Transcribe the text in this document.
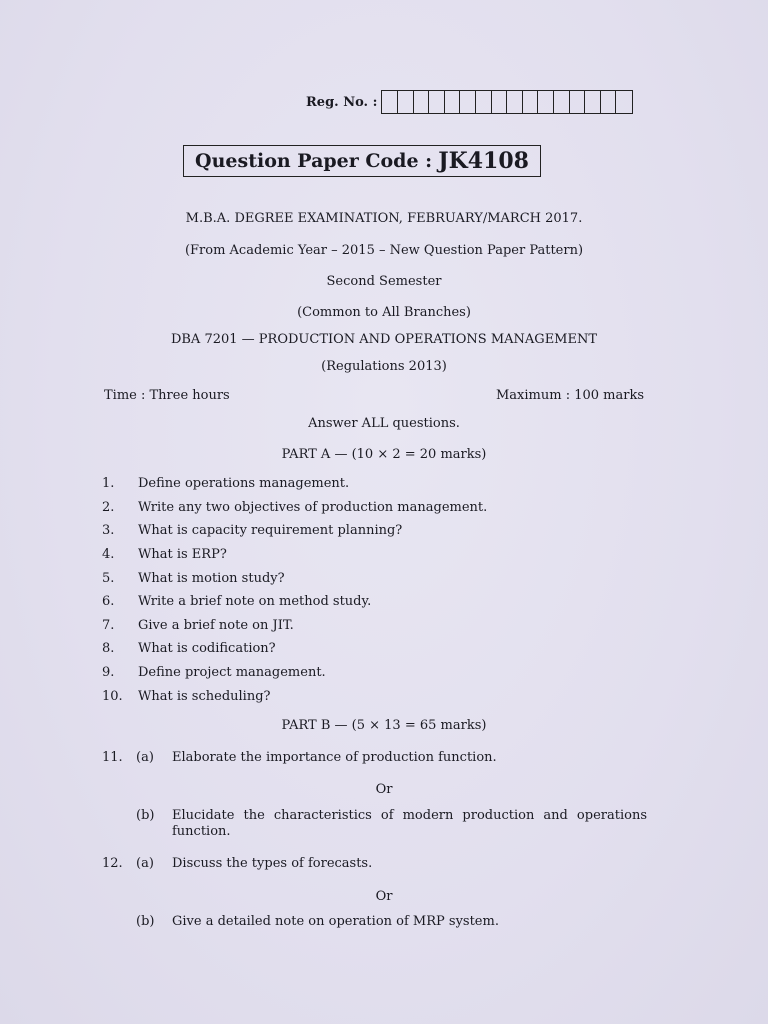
Reg. No. :
Question Paper Code : JK4108
M.B.A. DEGREE EXAMINATION, FEBRUARY/MARCH 2017.
(From Academic Year – 2015 – New Question Paper Pattern)
Second Semester
(Common to All Branches)
DBA 7201 — PRODUCTION AND OPERATIONS MANAGEMENT
(Regulations 2013)
Time : Three hours	Maximum : 100 marks
Answer ALL questions.
PART A — (10 × 2 = 20 marks)
1.	Define operations management.
2.	Write any two objectives of production management.
3.	What is capacity requirement planning?
4.	What is ERP?
5.	What is motion study?
6.	Write a brief note on method study.
7.	Give a brief note on JIT.
8.	What is codification?
9.	Define project management.
10.	What is scheduling?
PART B — (5 × 13 = 65 marks)
11.	(a)	Elaborate the importance of production function.
Or
(b)	Elucidate the characteristics of modern production and operations function.
12.	(a)	Discuss the types of forecasts.
Or
(b)	Give a detailed note on operation of MRP system.
